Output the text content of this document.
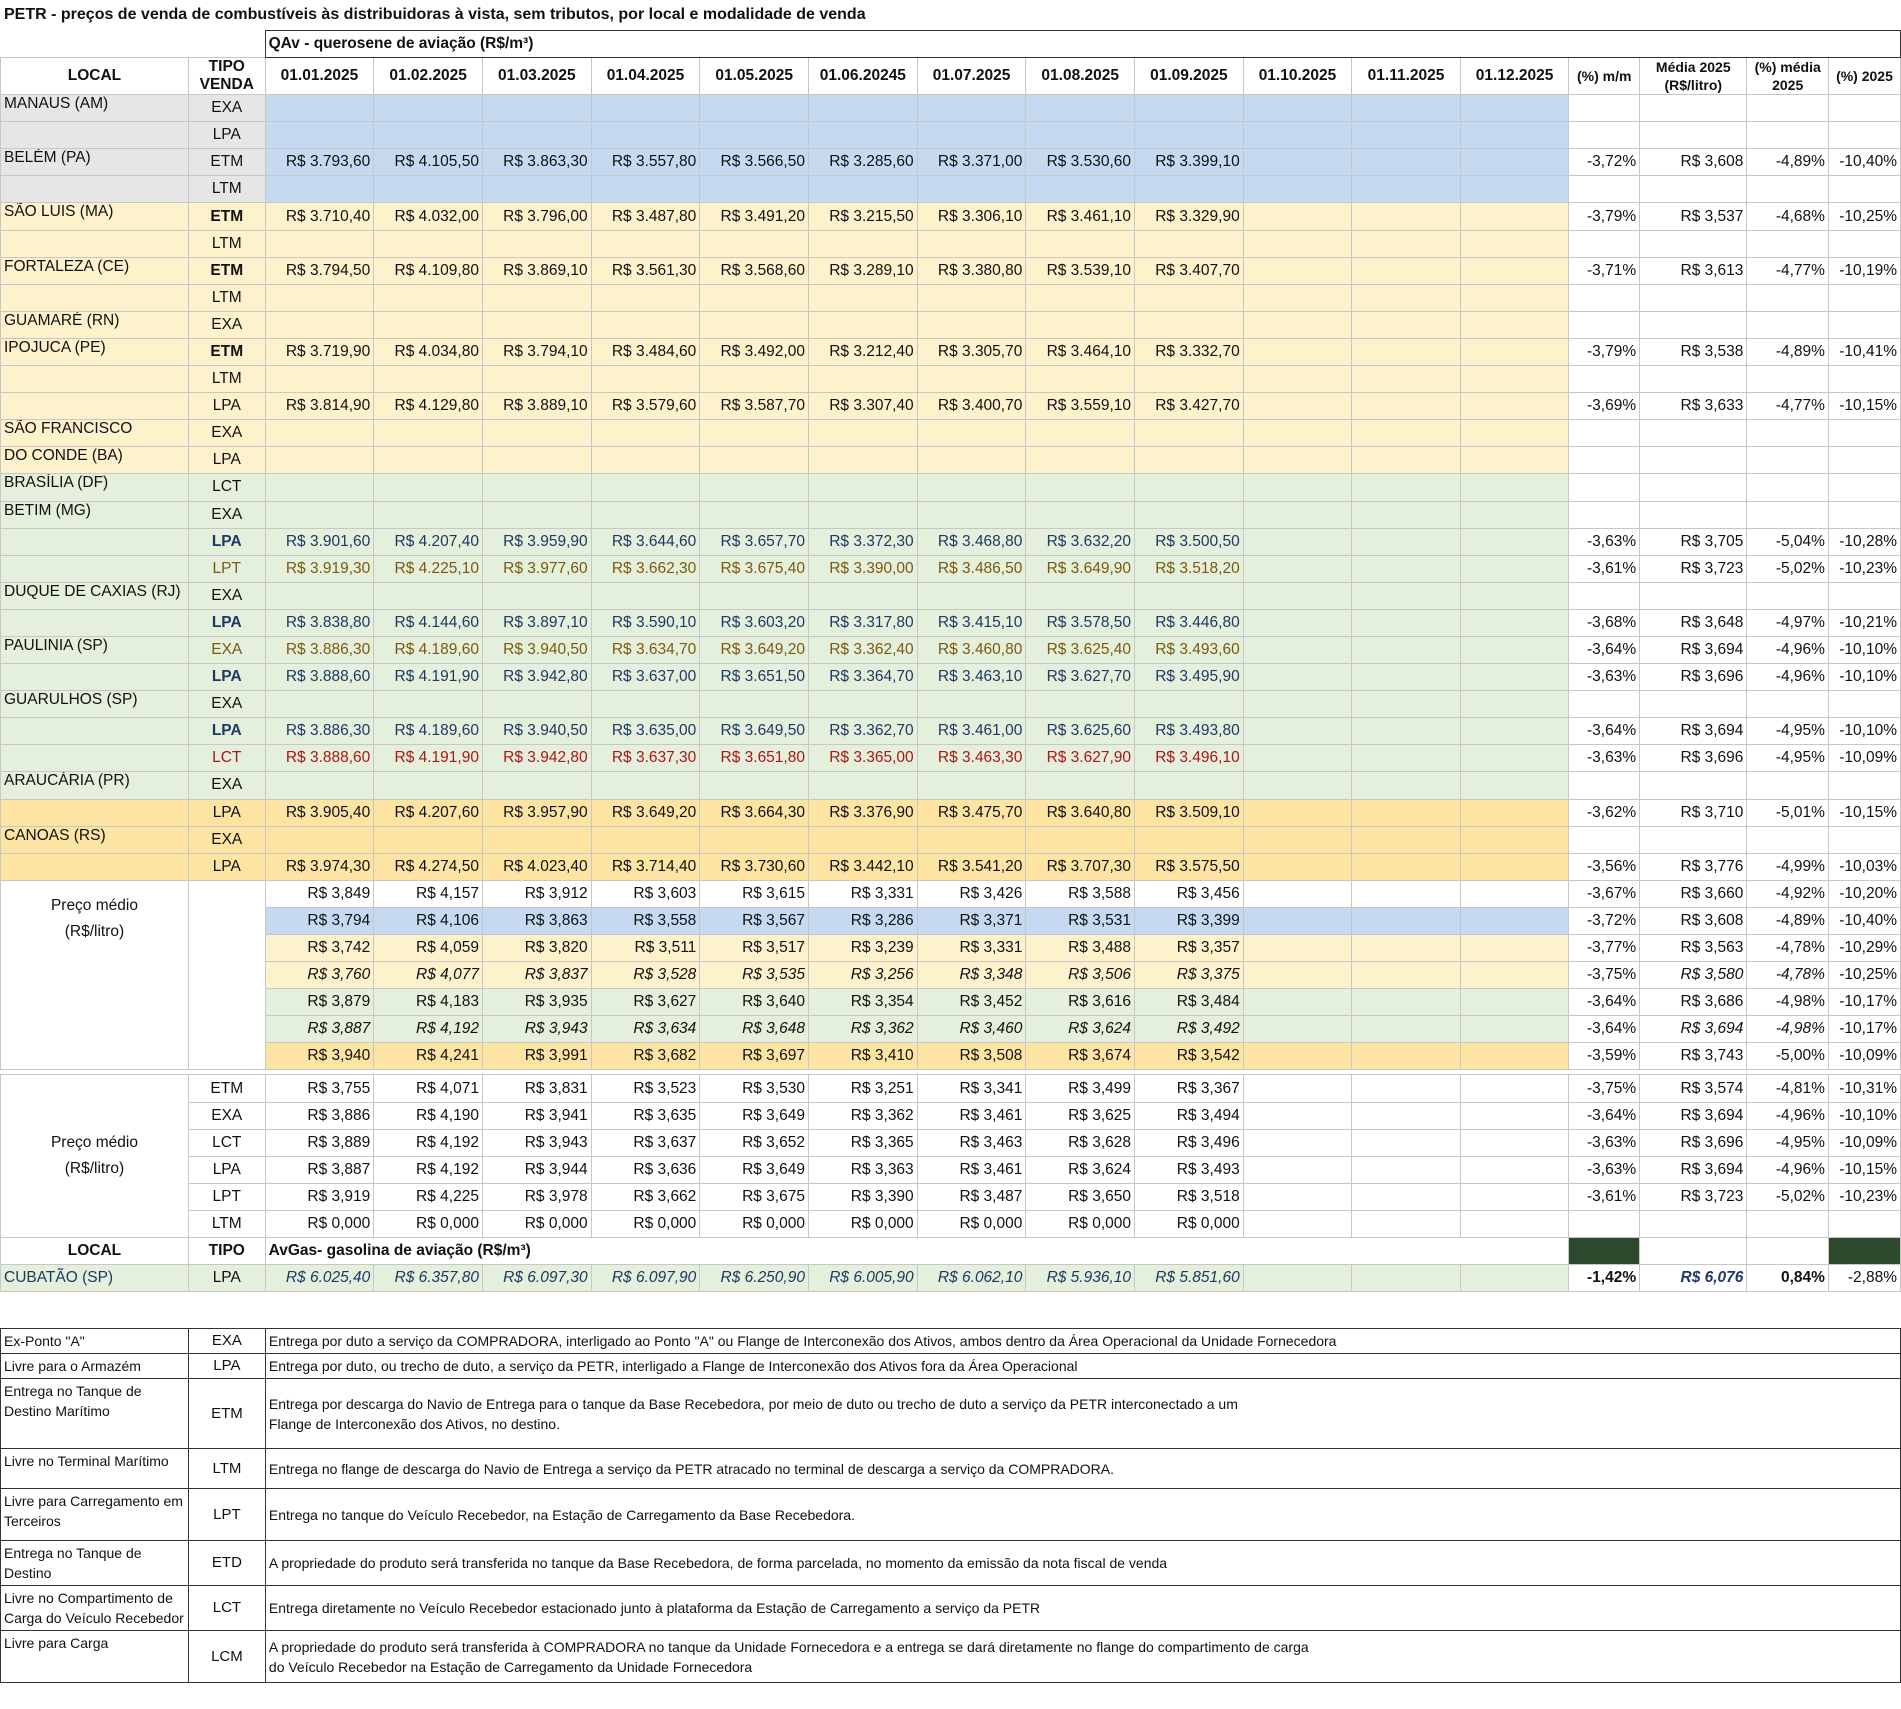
PETR - preços de venda de combustíveis às distribuidoras à vista, sem tributos, por local e modalidade de venda
		QAv - querosene de aviação (R$/m³)															
LOCAL	TIPO VENDA	01.01.2025	01.02.2025	01.03.2025	01.04.2025	01.05.2025	01.06.20245	01.07.2025	01.08.2025	01.09.2025	01.10.2025	01.11.2025	01.12.2025	(%) m/m	Média 2025 (R$/litro)	(%) média 2025	(%) 2025
MANAUS (AM)	EXA																
	LPA																
BELÉM (PA)	ETM	R$ 3.793,60	R$ 4.105,50	R$ 3.863,30	R$ 3.557,80	R$ 3.566,50	R$ 3.285,60	R$ 3.371,00	R$ 3.530,60	R$ 3.399,10				-3,72%	R$ 3,608	-4,89%	-10,40%
	LTM																
SÃO LUIS (MA)	ETM	R$ 3.710,40	R$ 4.032,00	R$ 3.796,00	R$ 3.487,80	R$ 3.491,20	R$ 3.215,50	R$ 3.306,10	R$ 3.461,10	R$ 3.329,90				-3,79%	R$ 3,537	-4,68%	-10,25%
	LTM																
FORTALEZA (CE)	ETM	R$ 3.794,50	R$ 4.109,80	R$ 3.869,10	R$ 3.561,30	R$ 3.568,60	R$ 3.289,10	R$ 3.380,80	R$ 3.539,10	R$ 3.407,70				-3,71%	R$ 3,613	-4,77%	-10,19%
	LTM																
GUAMARÉ (RN)	EXA																
IPOJUCA (PE)	ETM	R$ 3.719,90	R$ 4.034,80	R$ 3.794,10	R$ 3.484,60	R$ 3.492,00	R$ 3.212,40	R$ 3.305,70	R$ 3.464,10	R$ 3.332,70				-3,79%	R$ 3,538	-4,89%	-10,41%
	LTM																
	LPA	R$ 3.814,90	R$ 4.129,80	R$ 3.889,10	R$ 3.579,60	R$ 3.587,70	R$ 3.307,40	R$ 3.400,70	R$ 3.559,10	R$ 3.427,70				-3,69%	R$ 3,633	-4,77%	-10,15%
SÃO FRANCISCO	EXA																
DO CONDE (BA)	LPA																
BRASÍLIA (DF)	LCT																
BETIM (MG)	EXA																
	LPA	R$ 3.901,60	R$ 4.207,40	R$ 3.959,90	R$ 3.644,60	R$ 3.657,70	R$ 3.372,30	R$ 3.468,80	R$ 3.632,20	R$ 3.500,50				-3,63%	R$ 3,705	-5,04%	-10,28%
	LPT	R$ 3.919,30	R$ 4.225,10	R$ 3.977,60	R$ 3.662,30	R$ 3.675,40	R$ 3.390,00	R$ 3.486,50	R$ 3.649,90	R$ 3.518,20				-3,61%	R$ 3,723	-5,02%	-10,23%
DUQUE DE CAXIAS (RJ)	EXA																
	LPA	R$ 3.838,80	R$ 4.144,60	R$ 3.897,10	R$ 3.590,10	R$ 3.603,20	R$ 3.317,80	R$ 3.415,10	R$ 3.578,50	R$ 3.446,80				-3,68%	R$ 3,648	-4,97%	-10,21%
PAULINIA (SP)	EXA	R$ 3.886,30	R$ 4.189,60	R$ 3.940,50	R$ 3.634,70	R$ 3.649,20	R$ 3.362,40	R$ 3.460,80	R$ 3.625,40	R$ 3.493,60				-3,64%	R$ 3,694	-4,96%	-10,10%
	LPA	R$ 3.888,60	R$ 4.191,90	R$ 3.942,80	R$ 3.637,00	R$ 3.651,50	R$ 3.364,70	R$ 3.463,10	R$ 3.627,70	R$ 3.495,90				-3,63%	R$ 3,696	-4,96%	-10,10%
GUARULHOS (SP)	EXA																
	LPA	R$ 3.886,30	R$ 4.189,60	R$ 3.940,50	R$ 3.635,00	R$ 3.649,50	R$ 3.362,70	R$ 3.461,00	R$ 3.625,60	R$ 3.493,80				-3,64%	R$ 3,694	-4,95%	-10,10%
	LCT	R$ 3.888,60	R$ 4.191,90	R$ 3.942,80	R$ 3.637,30	R$ 3.651,80	R$ 3.365,00	R$ 3.463,30	R$ 3.627,90	R$ 3.496,10				-3,63%	R$ 3,696	-4,95%	-10,09%
ARAUCÁRIA (PR)	EXA																
	LPA	R$ 3.905,40	R$ 4.207,60	R$ 3.957,90	R$ 3.649,20	R$ 3.664,30	R$ 3.376,90	R$ 3.475,70	R$ 3.640,80	R$ 3.509,10				-3,62%	R$ 3,710	-5,01%	-10,15%
CANOAS (RS)	EXA																
	LPA	R$ 3.974,30	R$ 4.274,50	R$ 4.023,40	R$ 3.714,40	R$ 3.730,60	R$ 3.442,10	R$ 3.541,20	R$ 3.707,30	R$ 3.575,50				-3,56%	R$ 3,776	-4,99%	-10,03%

Preço médio
(R$/litro)		R$ 3,849	R$ 4,157	R$ 3,912	R$ 3,603	R$ 3,615	R$ 3,331	R$ 3,426	R$ 3,588	R$ 3,456				-3,67%	R$ 3,660	-4,92%	-10,20%
		R$ 3,794	R$ 4,106	R$ 3,863	R$ 3,558	R$ 3,567	R$ 3,286	R$ 3,371	R$ 3,531	R$ 3,399				-3,72%	R$ 3,608	-4,89%	-10,40%
		R$ 3,742	R$ 4,059	R$ 3,820	R$ 3,511	R$ 3,517	R$ 3,239	R$ 3,331	R$ 3,488	R$ 3,357				-3,77%	R$ 3,563	-4,78%	-10,29%
		R$ 3,760	R$ 4,077	R$ 3,837	R$ 3,528	R$ 3,535	R$ 3,256	R$ 3,348	R$ 3,506	R$ 3,375				-3,75%	R$ 3,580	-4,78%	-10,25%
		R$ 3,879	R$ 4,183	R$ 3,935	R$ 3,627	R$ 3,640	R$ 3,354	R$ 3,452	R$ 3,616	R$ 3,484				-3,64%	R$ 3,686	-4,98%	-10,17%
		R$ 3,887	R$ 4,192	R$ 3,943	R$ 3,634	R$ 3,648	R$ 3,362	R$ 3,460	R$ 3,624	R$ 3,492				-3,64%	R$ 3,694	-4,98%	-10,17%
		R$ 3,940	R$ 4,241	R$ 3,991	R$ 3,682	R$ 3,697	R$ 3,410	R$ 3,508	R$ 3,674	R$ 3,542				-3,59%	R$ 3,743	-5,00%	-10,09%

Preço médio
(R$/litro)	ETM	R$ 3,755	R$ 4,071	R$ 3,831	R$ 3,523	R$ 3,530	R$ 3,251	R$ 3,341	R$ 3,499	R$ 3,367				-3,75%	R$ 3,574	-4,81%	-10,31%
	EXA	R$ 3,886	R$ 4,190	R$ 3,941	R$ 3,635	R$ 3,649	R$ 3,362	R$ 3,461	R$ 3,625	R$ 3,494				-3,64%	R$ 3,694	-4,96%	-10,10%
	LCT	R$ 3,889	R$ 4,192	R$ 3,943	R$ 3,637	R$ 3,652	R$ 3,365	R$ 3,463	R$ 3,628	R$ 3,496				-3,63%	R$ 3,696	-4,95%	-10,09%
	LPA	R$ 3,887	R$ 4,192	R$ 3,944	R$ 3,636	R$ 3,649	R$ 3,363	R$ 3,461	R$ 3,624	R$ 3,493				-3,63%	R$ 3,694	-4,96%	-10,15%
	LPT	R$ 3,919	R$ 4,225	R$ 3,978	R$ 3,662	R$ 3,675	R$ 3,390	R$ 3,487	R$ 3,650	R$ 3,518				-3,61%	R$ 3,723	-5,02%	-10,23%
	LTM	R$ 0,000	R$ 0,000	R$ 0,000	R$ 0,000	R$ 0,000	R$ 0,000	R$ 0,000	R$ 0,000	R$ 0,000							
LOCAL	TIPO	AvGas- gasolina de aviação (R$/m³)															
CUBATÃO (SP)	LPA	R$ 6.025,40	R$ 6.357,80	R$ 6.097,30	R$ 6.097,90	R$ 6.250,90	R$ 6.005,90	R$ 6.062,10	R$ 5.936,10	R$ 5.851,60				-1,42%	R$ 6,076	0,84%	-2,88%
Ex-Ponto "A"	EXA	Entrega por duto a serviço da COMPRADORA, interligado ao Ponto "A" ou Flange de Interconexão dos Ativos, ambos dentro da Área Operacional da Unidade Fornecedora

Livre para o Armazém	LPA	Entrega por duto, ou trecho de duto, a serviço da PETR, interligado a Flange de Interconexão dos Ativos fora da Área Operacional

Entrega no Tanque de Destino Marítimo	ETM	Entrega por descarga do Navio de Entrega para o tanque da Base Recebedora, por meio de duto ou trecho de duto a serviço da PETR interconectado a um
Flange de Interconexão dos Ativos, no destino.

Livre no Terminal Marítimo	LTM	Entrega no flange de descarga do Navio de Entrega a serviço da PETR atracado no terminal de descarga a serviço da COMPRADORA.

Livre para Carregamento em Terceiros	LPT	Entrega no tanque do Veículo Recebedor, na Estação de Carregamento da Base Recebedora.

Entrega no Tanque de Destino	ETD	A propriedade do produto será transferida no tanque da Base Recebedora, de forma parcelada, no momento da emissão da nota fiscal de venda

Livre no Compartimento de Carga do Veículo Recebedor	LCT	Entrega diretamente no Veículo Recebedor estacionado junto à plataforma da Estação de Carregamento a serviço da PETR

Livre para Carga	LCM	A propriedade do produto será transferida à COMPRADORA no tanque da Unidade Fornecedora e a entrega se dará diretamente no flange do compartimento de carga
do Veículo Recebedor na Estação de Carregamento da Unidade Fornecedora
